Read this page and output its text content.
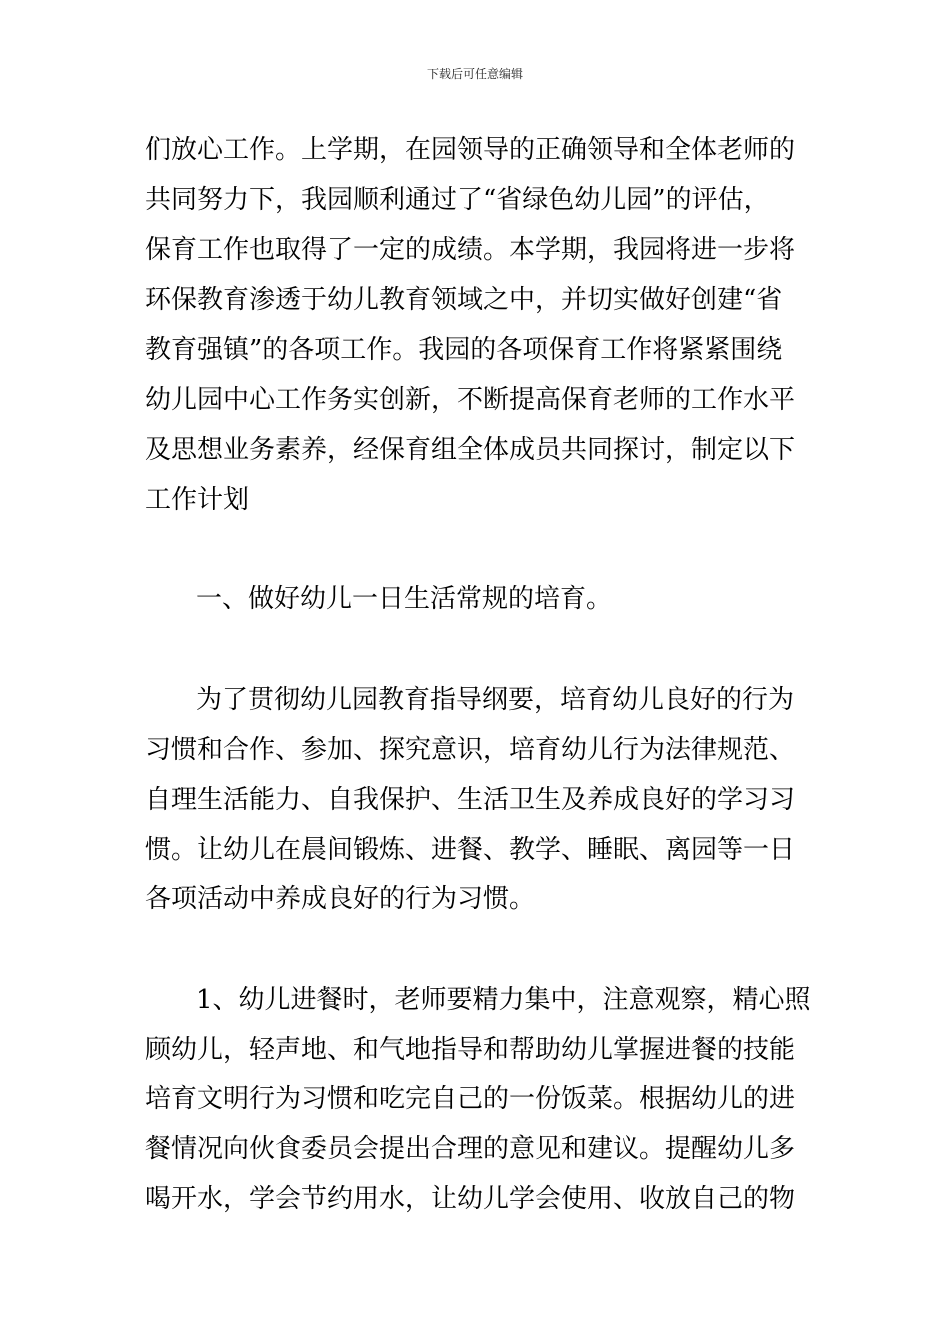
下载后可任意编辑
们放心工作。上学期，在园领导的正确领导和全体老师的
共同努力下，我园顺利通过了“省绿色幼儿园”的评估，
保育工作也取得了一定的成绩。本学期，我园将进一步将
环保教育渗透于幼儿教育领域之中，并切实做好创建“省
教育强镇”的各项工作。我园的各项保育工作将紧紧围绕
幼儿园中心工作务实创新，不断提高保育老师的工作水平
及思想业务素养，经保育组全体成员共同探讨，制定以下
工作计划
一、做好幼儿一日生活常规的培育。
为了贯彻幼儿园教育指导纲要，培育幼儿良好的行为
习惯和合作、参加、探究意识，培育幼儿行为法律规范、
自理生活能力、自我保护、生活卫生及养成良好的学习习
惯。让幼儿在晨间锻炼、进餐、教学、睡眠、离园等一日
各项活动中养成良好的行为习惯。
1、幼儿进餐时，老师要精力集中，注意观察，精心照
顾幼儿，轻声地、和气地指导和帮助幼儿掌握进餐的技能
培育文明行为习惯和吃完自己的一份饭菜。根据幼儿的进
餐情况向伙食委员会提出合理的意见和建议。提醒幼儿多
喝开水，学会节约用水，让幼儿学会使用、收放自己的物
